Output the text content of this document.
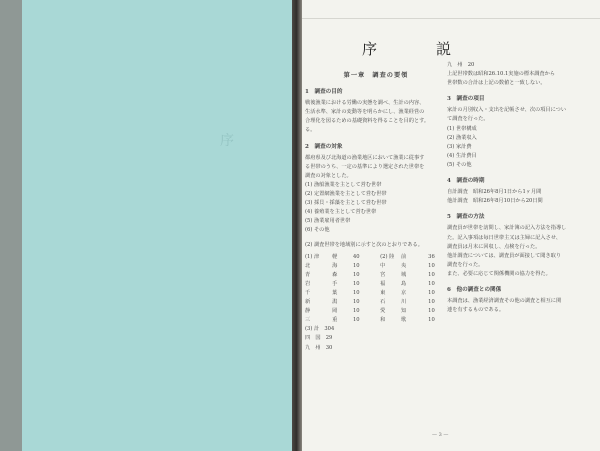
序
序　説
第一章　調査の要領
1　調査の目的
戦後漁業における労働の実態を調べ、生計の内容、
生活水準、家計の変動等を明らかにし、漁業経営の
合理化を図るための基礎資料を得ることを目的とす。
る。
2　調査の対象
都府県及び北海道の漁業地区において漁業に従事す
る世帯のうち、一定の基準により選定された世帯を
調査の対象とした。
(1) 漁船漁業を主として営む世帯
(2) 定置網漁業を主として営む世帯
(3) 採貝・採藻を主として営む世帯
(4) 養殖業を主として営む世帯
(5) 漁業雇用者世帯
(6) その他
(2) 調査世帯を地域別に示すと次のとおりである。
(1) 津	軽	40	(2) 陸	前	36
北	海	10	中	央	10
青	森	10	宮	城	10
岩	手	10	福	島	10
千	葉	10	東	京	10
新	潟	10	石	川	10
静	岡	10	愛	知	10
三	重	10	和	歌	10
(3) 計　304
四　国　29
九　州　30
九　州　20
上記世帯数は昭和26.10.1実施の標本調査から
世帯数の合計は上記の数値と一致しない。
3　調査の項目
家計の月別収入・支出を記帳させ、次の項目につい
て調査を行った。
(1) 世帯構成
(2) 漁業収入
(3) 家計費
(4) 生計費目
(5) その他
4　調査の時期
自計調査　昭和26年8月1日から1ヶ月間
他計調査　昭和26年8月10日から20日間
5　調査の方法
調査員が世帯を訪問し、家計簿の記入方法を指導し
た。記入事項は毎日世帯主又は主婦に記入させ、
調査員は月末に回収し、点検を行った。
他計調査については、調査員が面接して聞き取り
調査を行った。
また、必要に応じて関係機関の協力を得た。
6　他の調査との関係
本調査は、漁業経済調査その他の調査と相互に関
連を有するものである。
— 3 —
